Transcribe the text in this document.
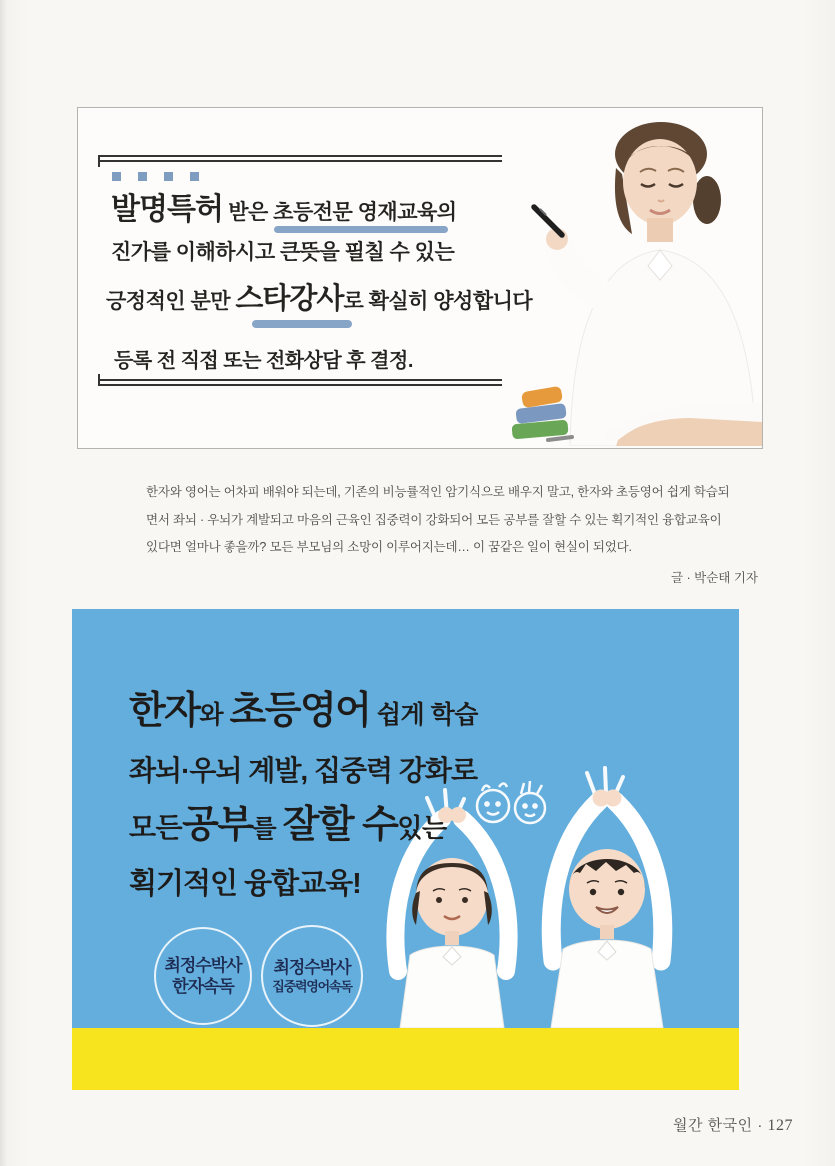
발명특허 받은 초등전문 영재교육의
진가를 이해하시고 큰뜻을 필칠 수 있는
긍정적인 분만 스타강사 로 확실히 양성합니다
등록 전 직접 또는 전화상담 후 결정.

한자와 영어는 어차피 배워야 되는데, 기존의 비능률적인 암기식으로 배우지 말고, 한자와 초등영어 쉽게 학습되

면서 좌뇌 · 우뇌가 계발되고 마음의 근육인 집중력이 강화되어 모든 공부를 잘할 수 있는 획기적인 융합교육이

있다면 얼마나 좋을까? 모든 부모님의 소망이 이루어지는데… 이 꿈같은 일이 현실이 되었다.

글 · 박순태 기자
한자 와 초등영어 쉽게 학습
좌뇌·우뇌 계발, 집중력 강화로
모든 공부 를 잘할 수 있는
획기적인 융합교육!
최정수박사
한자속독
최정수박사
집중력영어속독
월간 한국인 · 127
